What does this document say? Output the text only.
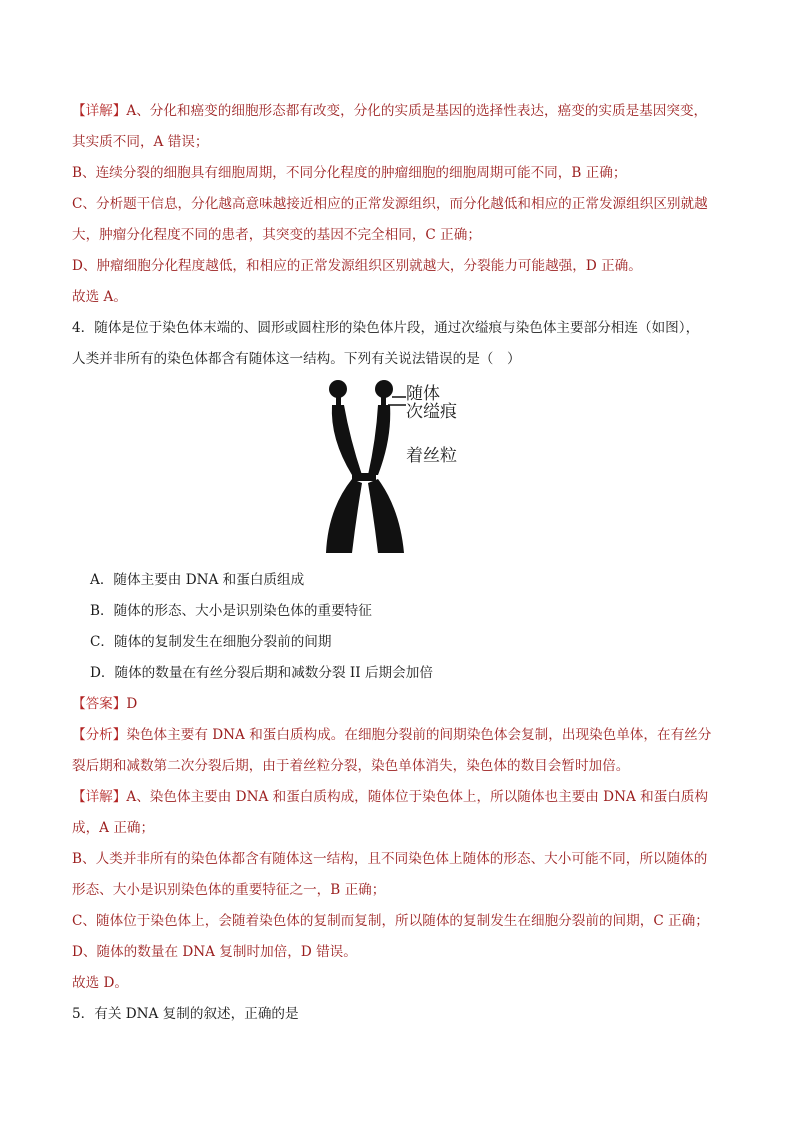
【详解】A、分化和癌变的细胞形态都有改变，分化的实质是基因的选择性表达，癌变的实质是基因突变，

其实质不同，A 错误；

B、连续分裂的细胞具有细胞周期，不同分化程度的肿瘤细胞的细胞周期可能不同，B 正确；

C、分析题干信息，分化越高意味越接近相应的正常发源组织，而分化越低和相应的正常发源组织区别就越

大，肿瘤分化程度不同的患者，其突变的基因不完全相同，C 正确；

D、肿瘤细胞分化程度越低，和相应的正常发源组织区别就越大，分裂能力可能越强，D 正确。

故选 A。

4．随体是位于染色体末端的、圆形或圆柱形的染色体片段，通过次缢痕与染色体主要部分相连（如图），

人类并非所有的染色体都含有随体这一结构。下列有关说法错误的是（　）

随体
次缢痕
着丝粒

A．随体主要由 DNA 和蛋白质组成

B．随体的形态、大小是识别染色体的重要特征

C．随体的复制发生在细胞分裂前的间期

D．随体的数量在有丝分裂后期和减数分裂 II 后期会加倍

【答案】D

【分析】染色体主要有 DNA 和蛋白质构成。在细胞分裂前的间期染色体会复制，出现染色单体，在有丝分

裂后期和减数第二次分裂后期，由于着丝粒分裂，染色单体消失，染色体的数目会暂时加倍。

【详解】A、染色体主要由 DNA 和蛋白质构成，随体位于染色体上，所以随体也主要由 DNA 和蛋白质构

成，A 正确；

B、人类并非所有的染色体都含有随体这一结构，且不同染色体上随体的形态、大小可能不同，所以随体的

形态、大小是识别染色体的重要特征之一，B 正确；

C、随体位于染色体上，会随着染色体的复制而复制，所以随体的复制发生在细胞分裂前的间期，C 正确；

D、随体的数量在 DNA 复制时加倍，D 错误。

故选 D。

5．有关 DNA 复制的叙述，正确的是
